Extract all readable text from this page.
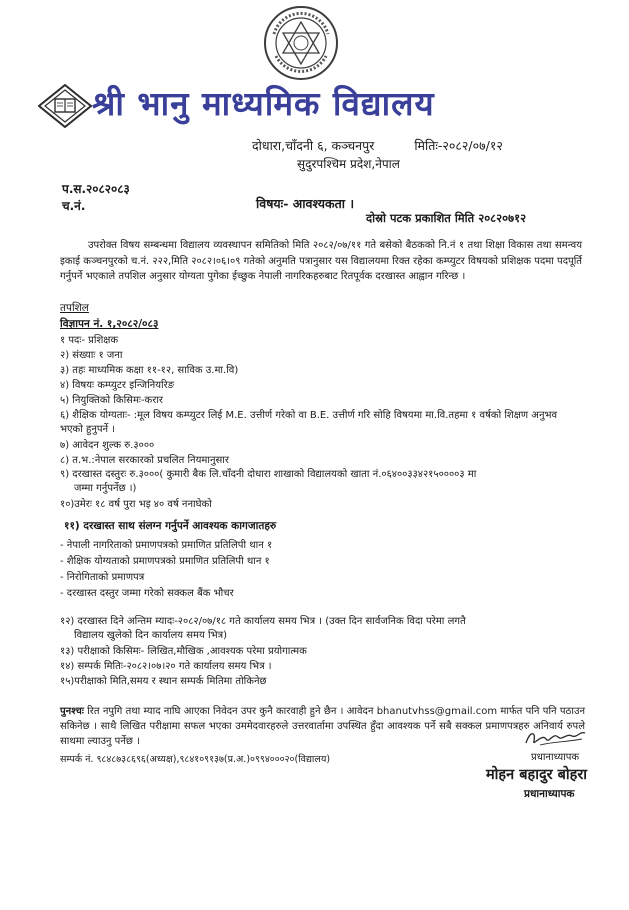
श्री भानु माध्यमिक विद्यालय
दोधारा,चाँदनी ६, कञ्चनपुर	मितिः-२०८२/०७/१२
सुदुरपश्चिम प्रदेश,नेपाल
प.स.२०८२०८३
च.नं.	विषयः- आवश्यकता ।
दोस्रो पटक प्रकाशित मिति २०८२०७१२
उपरोक्त विषय सम्बन्धमा विद्यालय व्यवस्थापन समितिको मिति २०८२/०७/११ गते बसेको बैठकको नि.नं १ तथा शिक्षा विकास तथा समन्वय इकाई कञ्चनपुरको च.नं. २२२,मिति २०८२।०६।०९ गतेको अनुमति पत्रानुसार यस विद्यालयमा रिक्त रहेका कम्प्युटर विषयको प्रशिक्षक पदमा पदपूर्ति गर्नुपर्ने भएकाले तपशिल अनुसार योग्यता पुगेका ईच्छुक नेपाली नागरिकहरुबाट रितपूर्वक दरखास्त आह्वान गरिन्छ ।
तपशिल
विज्ञापन नं. १,२०८२/०८३
१ पदः- प्रशिक्षक
२) संख्याः १ जना
३) तहः माध्यमिक कक्षा ११-१२, साविक उ.मा.वि)
४) विषयः कम्प्युटर इन्जिनियरिङ
५) नियुक्तिको किसिमः-करार
६) शैक्षिक योग्यताः- :मूल विषय कम्प्युटर लिई M.E. उत्तीर्ण गरेको वा B.E. उत्तीर्ण गरि सोहि विषयमा मा.वि.तहमा १ वर्षको शिक्षण अनुभव भएको हुनुपर्ने ।
७) आवेदन शुल्क रु.३०००
८) त.भ.:नेपाल सरकारको प्रचलित नियमानुसार
९) दरखास्त दस्तुरः रु.३०००( कुमारी बैक लि.चाँदनी दोधारा शाखाको विद्यालयको खाता नं.०६४००३३४२१५००००३ मा
जम्मा गर्नुपर्नेछ ।)
१०)उमेरः १८ वर्ष पुरा भइ ४० वर्ष ननाघेको
११) दरखास्त साथ संलग्न गर्नुपर्ने आवश्यक कागजातहरु
- नेपाली नागरिताको प्रमाणपत्रको प्रमाणित प्रतिलिपी थान १
- शैक्षिक योग्यताको प्रमाणपत्रको प्रमाणित प्रतिलिपी थान १
- निरोगिताको प्रमाणपत्र
- दरखास्त दस्तुर जम्मा गरेको सक्कल बैंक भौचर
१२) दरखास्त दिने अन्तिम म्यादः-२०८२/०७/१८ गते कार्यालय समय भित्र । (उक्त दिन सार्वजनिक विदा परेमा लगतै
विद्यालय खुलेको दिन कार्यालय समय भित्र)
१३) परीक्षाको किसिमः- लिखित,मौखिक ,आवश्यक परेमा प्रयोगात्मक
१४) सम्पर्क मितिः-२०८२।०७।२० गते कार्यालय समय भित्र ।
१५)परीक्षाको मिति,समय र स्थान सम्पर्क मितिमा तोकिनेछ
पुनश्चः रित नपुगि तथा म्याद नाघि आएका निवेदन उपर कुनै कारवाही हुने छैन । आवेदन bhanutvhss@gmail.com मार्फत पनि पनि पठाउन सकिनेछ । साथै लिखित परीक्षामा सफल भएका उममेदवारहरुले उत्तरवार्तामा उपस्थित हुँदा आवश्यक पर्ने सबै सक्कल प्रमाणपत्रहरु अनिवार्य रुपले साथमा ल्याउनु पर्नेछ ।
सम्पर्क नं. ९८४८७३८६९६(अध्यक्ष),९८४१०९१३७(प्र.अ.)०९९४०००२०(विद्यालय)	प्रधानाध्यापक
मोहन बहादुर बोहरा
प्रधानाध्यापक
